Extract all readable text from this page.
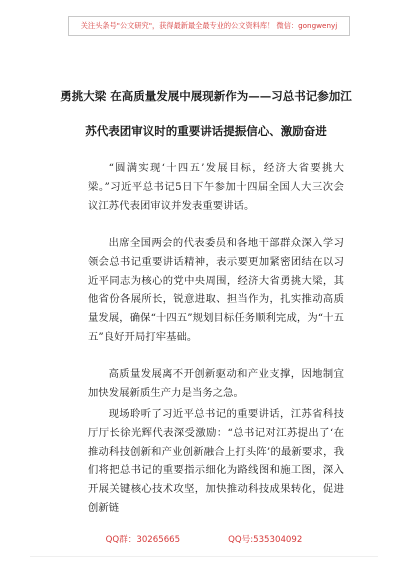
关注头条号"公文研究"，获得最新最全最专业的公文资料库！ 微信：gongwenyj
勇挑大梁 在高质量发展中展现新作为——习总书记参加江
苏代表团审议时的重要讲话提振信心、激励奋进
“圆满实现‘十四五’发展目标，经济大省要挑大梁。”习近平总书记5日下午参加十四届全国人大三次会议江苏代表团审议并发表重要讲话。
出席全国两会的代表委员和各地干部群众深入学习领会总书记重要讲话精神，表示要更加紧密团结在以习近平同志为核心的党中央周围，经济大省勇挑大梁，其他省份各展所长，锐意进取、担当作为，扎实推动高质量发展，确保“十四五”规划目标任务顺利完成，为“十五五”良好开局打牢基础。
高质量发展离不开创新驱动和产业支撑，因地制宜加快发展新质生产力是当务之急。
现场聆听了习近平总书记的重要讲话，江苏省科技厅厅长徐光辉代表深受激励：“总书记对江苏提出了‘在推动科技创新和产业创新融合上打头阵’的最新要求，我们将把总书记的重要指示细化为路线图和施工图，深入开展关键核心技术攻坚，加快推动科技成果转化，促进创新链
QQ群：30265665	QQ号:535304092
